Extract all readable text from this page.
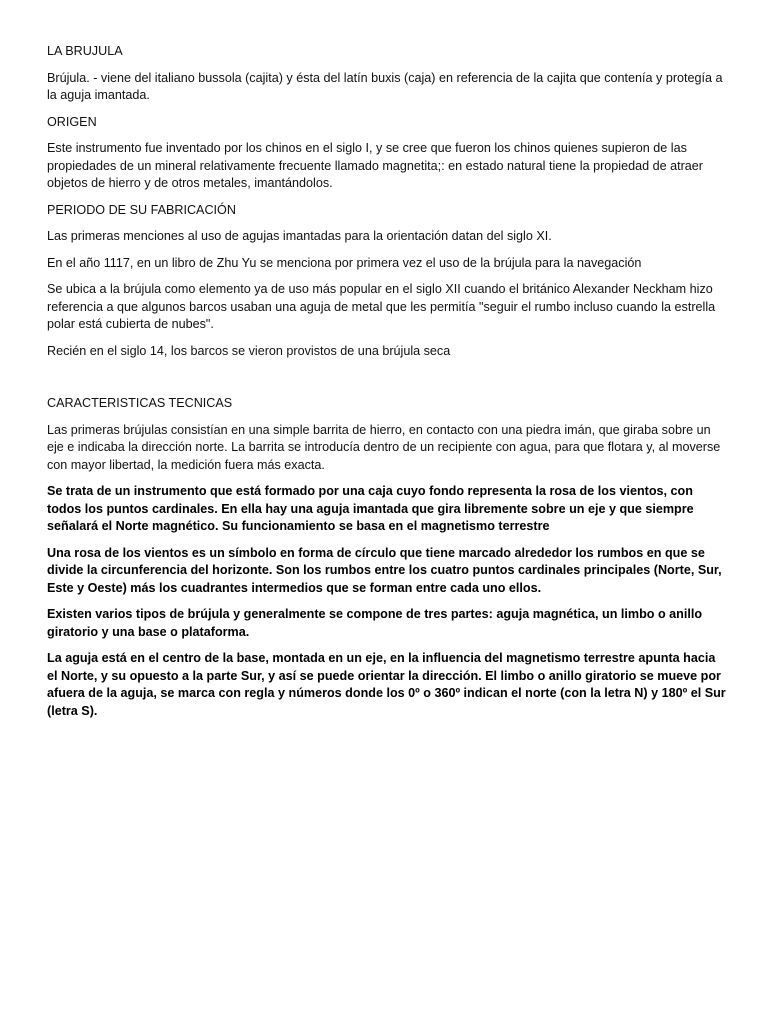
LA BRUJULA

Brújula. - viene del italiano bussola (cajita) y ésta del latín buxis (caja) en referencia de la cajita que contenía y protegía a la aguja imantada.

ORIGEN

Este instrumento fue inventado por los chinos en el siglo I, y se cree que fueron los chinos quienes supieron de las propiedades de un mineral relativamente frecuente llamado magnetita;: en estado natural tiene la propiedad de atraer objetos de hierro y de otros metales, imantándolos.

PERIODO DE SU FABRICACIÓN

Las primeras menciones al uso de agujas imantadas para la orientación datan del siglo XI.

En el año 1117, en un libro de Zhu Yu se menciona por primera vez el uso de la brújula para la navegación

Se ubica a la brújula como elemento ya de uso más popular en el siglo XII cuando el británico Alexander Neckham hizo referencia a que algunos barcos usaban una aguja de metal que les permitía "seguir el rumbo incluso cuando la estrella polar está cubierta de nubes".

Recién en el siglo 14, los barcos se vieron provistos de una brújula seca

CARACTERISTICAS TECNICAS

Las primeras brújulas consistían en una simple barrita de hierro, en contacto con una piedra imán, que giraba sobre un eje e indicaba la dirección norte. La barrita se introducía dentro de un recipiente con agua, para que flotara y, al moverse con mayor libertad, la medición fuera más exacta.

Se trata de un instrumento que está formado por una caja cuyo fondo representa la rosa de los vientos, con todos los puntos cardinales. En ella hay una aguja imantada que gira libremente sobre un eje y que siempre señalará el Norte magnético. Su funcionamiento se basa en el magnetismo terrestre

Una rosa de los vientos es un símbolo en forma de círculo que tiene marcado alrededor los rumbos en que se divide la circunferencia del horizonte. Son los rumbos entre los cuatro puntos cardinales principales (Norte, Sur, Este y Oeste) más los cuadrantes intermedios que se forman entre cada uno ellos.

Existen varios tipos de brújula y generalmente se compone de tres partes: aguja magnética, un limbo o anillo giratorio y una base o plataforma.

La aguja está en el centro de la base, montada en un eje, en la influencia del magnetismo terrestre apunta hacia el Norte, y su opuesto a la parte Sur, y así se puede orientar la dirección. El limbo o anillo giratorio se mueve por afuera de la aguja, se marca con regla y números donde los 0º o 360º indican el norte (con la letra N) y 180º el Sur (letra S).
